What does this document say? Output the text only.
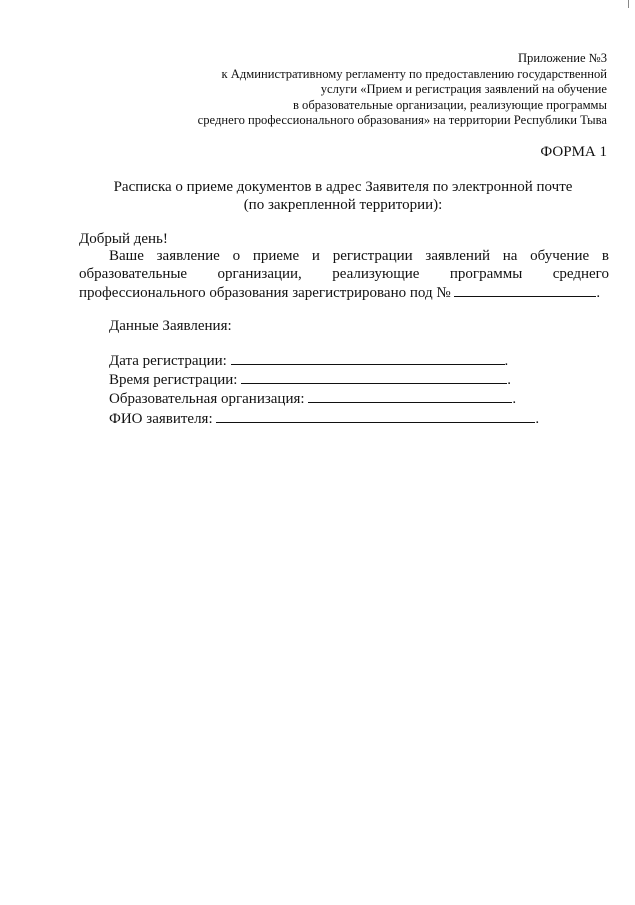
Приложение №3
к Административному регламенту по предоставлению государственной
услуги «Прием и регистрация заявлений на обучение
в образовательные организации, реализующие программы
среднего профессионального образования» на территории Республики Тыва
ФОРМА 1
Расписка о приеме документов в адрес Заявителя по электронной почте
(по закрепленной территории):
Добрый день!
Ваше заявление о приеме и регистрации заявлений на обучение в
образовательные организации, реализующие программы среднего
профессионального образования зарегистрировано под №	.
Данные Заявления:
Дата регистрации:	.
Время регистрации:	.
Образовательная организация:	.
ФИО заявителя:	.
